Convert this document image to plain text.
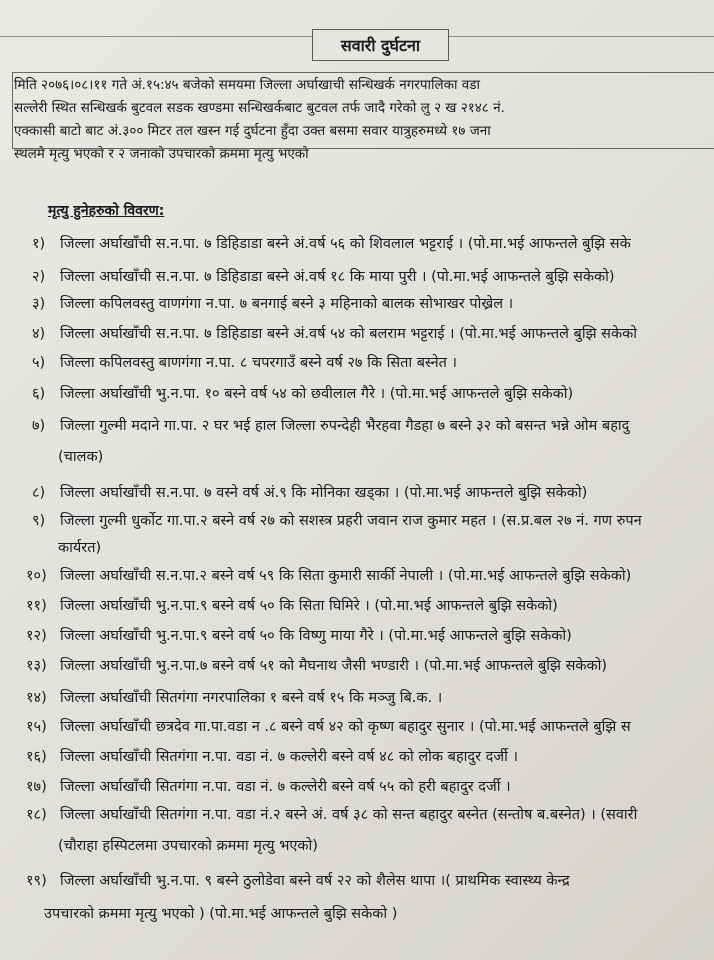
सवारी दुर्घटना
मिति २०७६।०८।११ गते अं.१५:४५ बजेको समयमा जिल्ला अर्घाखाची सन्धिखर्क नगरपालिका वडा
सल्लेरी स्थित सन्धिखर्क बुटवल सडक खण्डमा सन्धिखर्कबाट बुटवल तर्फ जादै गरेको लु २ ख २१४८ नं.
एक्कासी बाटो बाट अं.३०० मिटर तल खस्न गई दुर्घटना हुँदा उक्त बसमा सवार यात्रुहरुमध्ये १७ जना
स्थलमै मृत्यु भएको र २ जनाको उपचारको क्रममा मृत्यु भएको
मृत्यु हुनेहरुको विवरण:
१)	जिल्ला अर्घाखाँची स.न.पा. ७ डिहिडाडा बस्ने अं.वर्ष ५६ को शिवलाल भट्टराई । (पो.मा.भई आफन्तले बुझि सके
२)	जिल्ला अर्घाखाँची स.न.पा. ७ डिहिडाडा बस्ने अं.वर्ष १८ कि माया पुरी । (पो.मा.भई आफन्तले बुझि सकेको)
३)	जिल्ला कपिलवस्तु वाणगंगा न.पा. ७ बनगाई बस्ने ३ महिनाको बालक सोभाखर पोख्रेल ।
४)	जिल्ला अर्घाखाँची स.न.पा. ७ डिहिडाडा बस्ने अं.वर्ष ५४ को बलराम भट्टराई । (पो.मा.भई आफन्तले बुझि सकेको
५)	जिल्ला कपिलवस्तु बाणगंगा न.पा. ८ चपरगाउँ बस्ने वर्ष २७ कि सिता बस्नेत ।
६)	जिल्ला अर्घाखाँची भु.न.पा. १० बस्ने वर्ष ५४ को छवीलाल गैरे । (पो.मा.भई आफन्तले बुझि सकेको)
७)	जिल्ला गुल्मी मदाने गा.पा. २ घर भई हाल जिल्ला रुपन्देही भैरहवा गैडहा ७ बस्ने ३२ को बसन्त भन्ने ओम बहादु
(चालक)
८)	जिल्ला अर्घाखाँची स.न.पा. ७ वस्ने वर्ष अं.९ कि मोनिका खड्का । (पो.मा.भई आफन्तले बुझि सकेको)
९)	जिल्ला गुल्मी धुर्कोट गा.पा.२ बस्ने वर्ष २७ को सशस्त्र प्रहरी जवान राज कुमार महत । (स.प्र.बल २७ नं. गण रुपन
कार्यरत)
१०) जिल्ला अर्घाखाँची स.न.पा.२ बस्ने वर्ष ५९ कि सिता कुमारी सार्की नेपाली । (पो.मा.भई आफन्तले बुझि सकेको)
११) जिल्ला अर्घाखाँची भु.न.पा.९ बस्ने वर्ष ५० कि सिता घिमिरे । (पो.मा.भई आफन्तले बुझि सकेको)
१२) जिल्ला अर्घाखाँची भु.न.पा.९ बस्ने वर्ष ५० कि विष्णु माया गैरे । (पो.मा.भई आफन्तले बुझि सकेको)
१३) जिल्ला अर्घाखाँची भु.न.पा.७ बस्ने वर्ष ५१ को मैघनाथ जैसी भण्डारी । (पो.मा.भई आफन्तले बुझि सकेको)
१४) जिल्ला अर्घाखाँची सितगंगा नगरपालिका १ बस्ने वर्ष १५ कि मञ्जु बि.क. ।
१५) जिल्ला अर्घाखाँची छत्रदेव गा.पा.वडा न .८ बस्ने वर्ष ४२ को कृष्ण बहादुर सुनार । (पो.मा.भई आफन्तले बुझि स
१६) जिल्ला अर्घाखाँची सितगंगा न.पा. वडा नं. ७ कल्लेरी बस्ने वर्ष ४८ को लोक बहादुर दर्जी ।
१७) जिल्ला अर्घाखाँची सितगंगा न.पा. वडा नं. ७ कल्लेरी बस्ने वर्ष ५५ को हरी बहादुर दर्जी ।
१८) जिल्ला अर्घाखाँची सितगंगा न.पा. वडा नं.२ बस्ने अं. वर्ष ३८ को सन्त बहादुर बस्नेत (सन्तोष ब.बस्नेत) । (सवारी
(चौराहा हस्पिटलमा उपचारको क्रममा मृत्यु भएको)
१९) जिल्ला अर्घाखाँची भु.न.पा. ९ बस्ने ठुलोडेवा बस्ने वर्ष २२ को शैलेस थापा ।( प्राथमिक स्वास्थ्य केन्द्र
उपचारको क्रममा मृत्यु भएको ) (पो.मा.भई आफन्तले बुझि सकेको )
